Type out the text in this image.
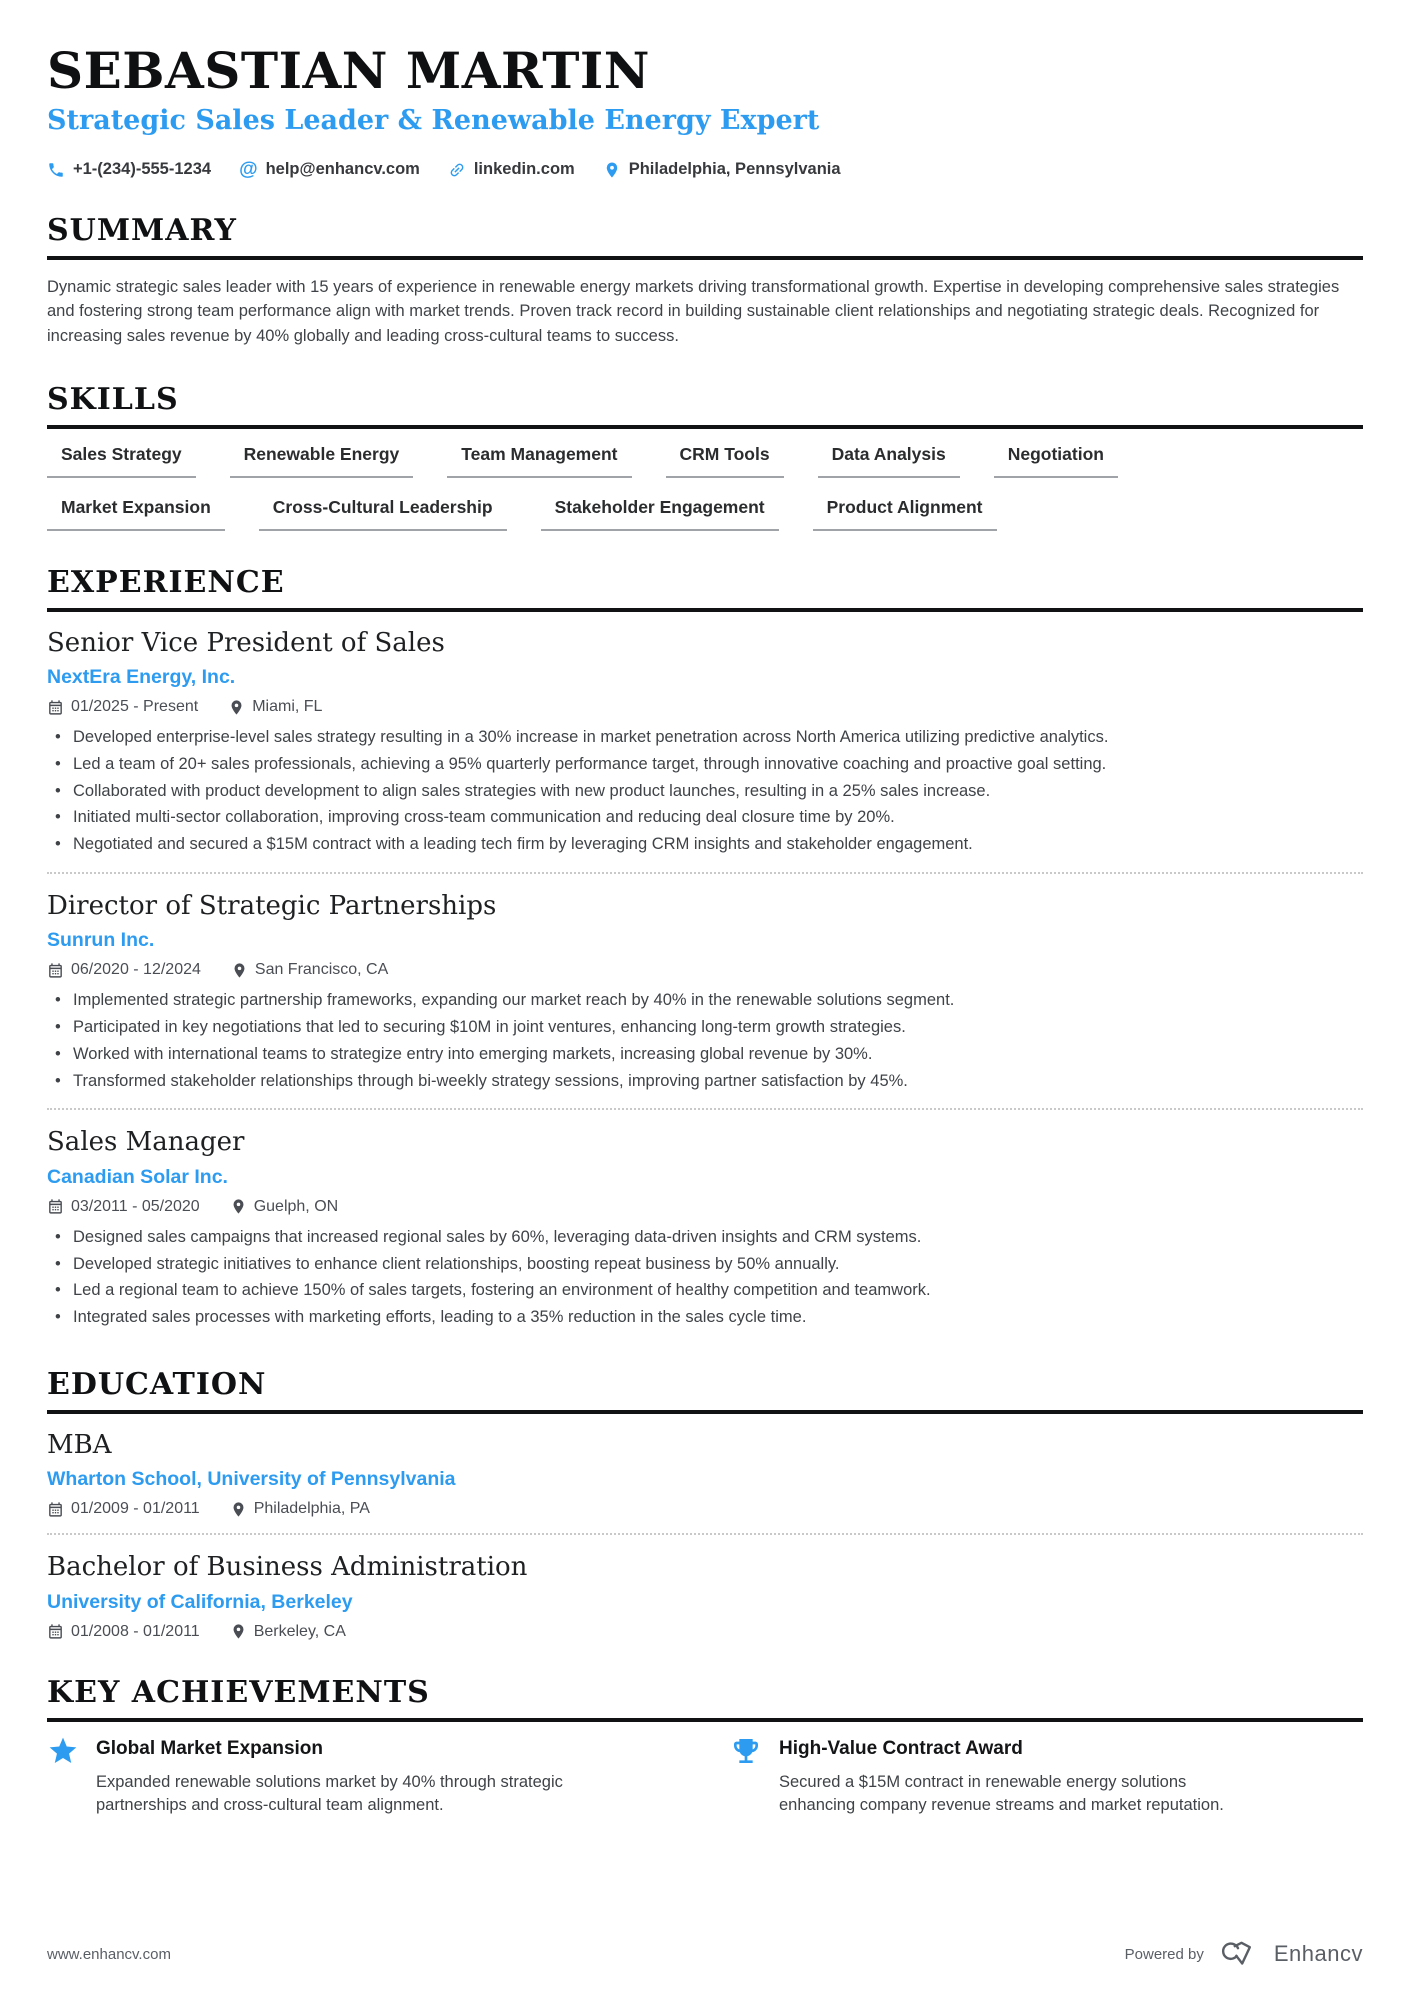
SEBASTIAN MARTIN
Strategic Sales Leader & Renewable Energy Expert
+1-(234)-555-1234 @ help@enhancv.com	linkedin.com	Philadelphia, Pennsylvania
SUMMARY
Dynamic strategic sales leader with 15 years of experience in renewable energy markets driving transformational growth. Expertise in developing comprehensive sales strategies and fostering strong team performance align with market trends. Proven track record in building sustainable client relationships and negotiating strategic deals. Recognized for increasing sales revenue by 40% globally and leading cross-cultural teams to success.
SKILLS
Sales Strategy	Renewable Energy	Team Management	CRM Tools	Data Analysis	Negotiation
Market Expansion	Cross-Cultural Leadership	Stakeholder Engagement	Product Alignment
EXPERIENCE
Senior Vice President of Sales
NextEra Energy, Inc.
01/2025 - Present	Miami, FL
• Developed enterprise-level sales strategy resulting in a 30% increase in market penetration across North America utilizing predictive analytics.
• Led a team of 20+ sales professionals, achieving a 95% quarterly performance target, through innovative coaching and proactive goal setting.
• Collaborated with product development to align sales strategies with new product launches, resulting in a 25% sales increase.
• Initiated multi-sector collaboration, improving cross-team communication and reducing deal closure time by 20%.
• Negotiated and secured a $15M contract with a leading tech firm by leveraging CRM insights and stakeholder engagement.
Director of Strategic Partnerships
Sunrun Inc.
06/2020 - 12/2024	San Francisco, CA
• Implemented strategic partnership frameworks, expanding our market reach by 40% in the renewable solutions segment.
• Participated in key negotiations that led to securing $10M in joint ventures, enhancing long-term growth strategies.
• Worked with international teams to strategize entry into emerging markets, increasing global revenue by 30%.
• Transformed stakeholder relationships through bi-weekly strategy sessions, improving partner satisfaction by 45%.
Sales Manager
Canadian Solar Inc.
03/2011 - 05/2020	Guelph, ON
• Designed sales campaigns that increased regional sales by 60%, leveraging data-driven insights and CRM systems.
• Developed strategic initiatives to enhance client relationships, boosting repeat business by 50% annually.
• Led a regional team to achieve 150% of sales targets, fostering an environment of healthy competition and teamwork.
• Integrated sales processes with marketing efforts, leading to a 35% reduction in the sales cycle time.
EDUCATION
MBA
Wharton School, University of Pennsylvania
01/2009 - 01/2011	Philadelphia, PA
Bachelor of Business Administration
University of California, Berkeley
01/2008 - 01/2011	Berkeley, CA
KEY ACHIEVEMENTS
Global Market Expansion
Expanded renewable solutions market by 40% through strategic partnerships and cross-cultural team alignment.
High-Value Contract Award
Secured a $15M contract in renewable energy solutions enhancing company revenue streams and market reputation.
www.enhancv.com	Powered by	Enhancv
